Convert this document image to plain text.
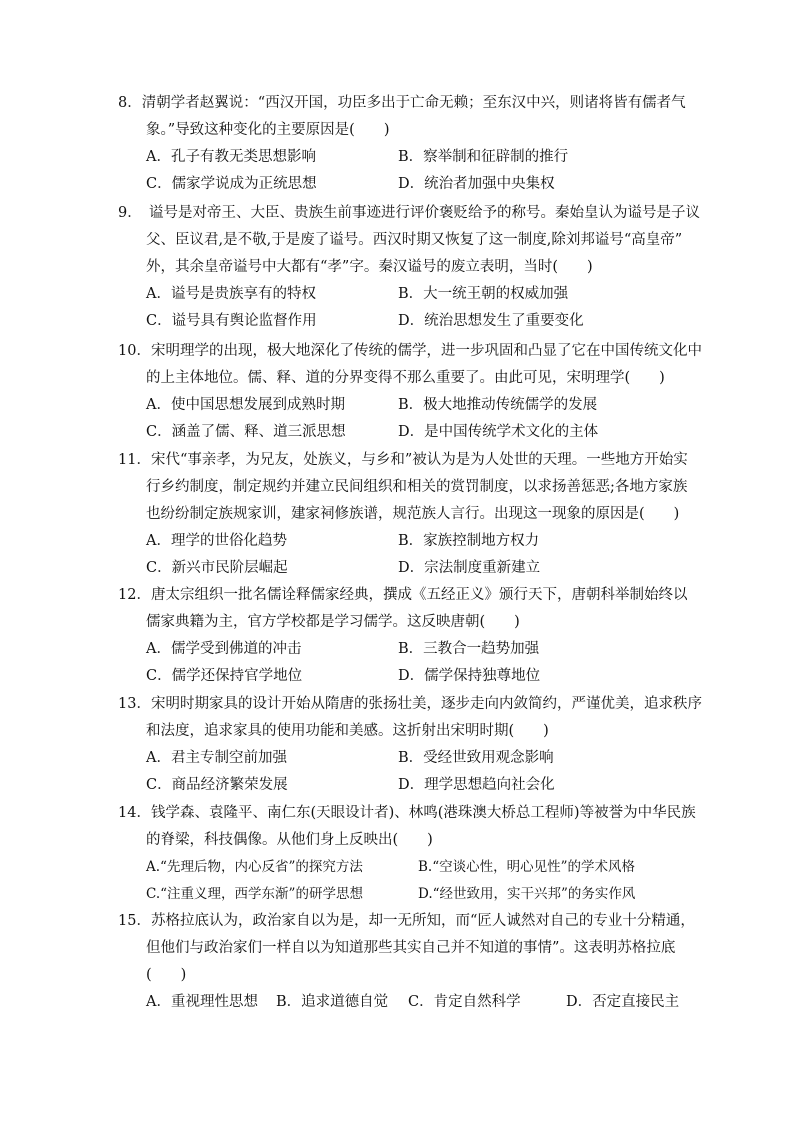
8．清朝学者赵翼说：“西汉开国，功臣多出于亡命无赖；至东汉中兴，则诸将皆有儒者气
象。”导致这种变化的主要原因是(　　)
A．孔子有教无类思想影响	B．察举制和征辟制的推行
C．儒家学说成为正统思想	D．统治者加强中央集权
9．　谥号是对帝王、大臣、贵族生前事迹进行评价褒贬给予的称号。秦始皇认为谥号是子议
父、臣议君,是不敬,于是废了谥号。西汉时期又恢复了这一制度,除刘邦谥号“高皇帝”
外，其余皇帝谥号中大都有“孝”字。秦汉谥号的废立表明，当时(　　)
A．谥号是贵族享有的特权	B．大一统王朝的权威加强
C．谥号具有舆论监督作用	D．统治思想发生了重要变化
10．宋明理学的出现，极大地深化了传统的儒学，进一步巩固和凸显了它在中国传统文化中
的上主体地位。儒、释、道的分界变得不那么重要了。由此可见，宋明理学(　　)
A．使中国思想发展到成熟时期	B．极大地推动传统儒学的发展
C．涵盖了儒、释、道三派思想	D．是中国传统学术文化的主体
11．宋代“事亲孝，为兄友，处族义，与乡和”被认为是为人处世的天理。一些地方开始实
行乡约制度，制定规约并建立民间组织和相关的赏罚制度，以求扬善惩恶;各地方家族
也纷纷制定族规家训，建家祠修族谱，规范族人言行。出现这一现象的原因是(　　)
A．理学的世俗化趋势	B．家族控制地方权力
C．新兴市民阶层崛起	D．宗法制度重新建立
12．唐太宗组织一批名儒诠释儒家经典，撰成《五经正义》颁行天下，唐朝科举制始终以
儒家典籍为主，官方学校都是学习儒学。这反映唐朝(　　)
A．儒学受到佛道的冲击	B．三教合一趋势加强
C．儒学还保持官学地位	D．儒学保持独尊地位
13．宋明时期家具的设计开始从隋唐的张扬壮美，逐步走向内敛简约，严谨优美，追求秩序
和法度，追求家具的使用功能和美感。这折射出宋明时期(　　)
A．君主专制空前加强	B．受经世致用观念影响
C．商品经济繁荣发展	D．理学思想趋向社会化
14．钱学森、袁隆平、南仁东(天眼设计者)、林鸣(港珠澳大桥总工程师)等被誉为中华民族
的脊梁，科技偶像。从他们身上反映出(　　)
A.“先理后物，内心反省”的探究方法	B.“空谈心性，明心见性”的学术风格
C.“注重义理，西学东渐”的研学思想	D.“经世致用，实干兴邦”的务实作风
15．苏格拉底认为，政治家自以为是，却一无所知，而“匠人诚然对自己的专业十分精通，
但他们与政治家们一样自以为知道那些其实自己并不知道的事情”。这表明苏格拉底
(　　)
A．重视理性思想 B．追求道德自觉 C．肯定自然科学	D．否定直接民主
